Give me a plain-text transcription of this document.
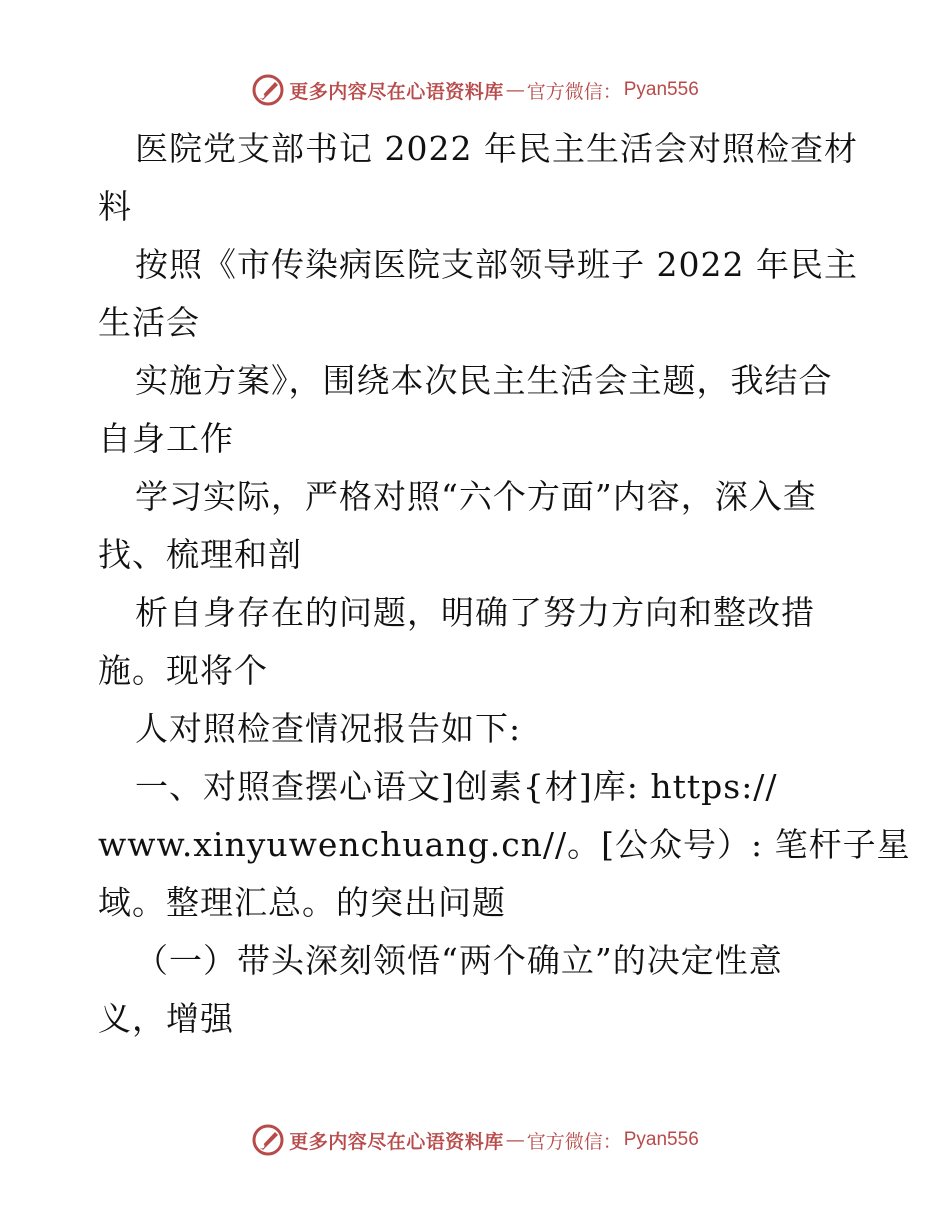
更多内容尽在心语资料库 — 官方微信： Pyan556
医院党支部书记 2022 年民主生活会对照检查材
料
按照《市传染病医院支部领导班子 2022 年民主
生活会
实施方案》，围绕本次民主生活会主题，我结合
自身工作
学习实际，严格对照“六个方面”内容，深入查
找、梳理和剖
析自身存在的问题，明确了努力方向和整改措
施。现将个
人对照检查情况报告如下:
一、对照查摆心语文]创素{材]库: https://
www.xinyuwenchuang.cn//。[公众号）: 笔杆子星
域。整理汇总。的突出问题
（一）带头深刻领悟“两个确立”的决定性意
义，增强
更多内容尽在心语资料库 — 官方微信： Pyan556
